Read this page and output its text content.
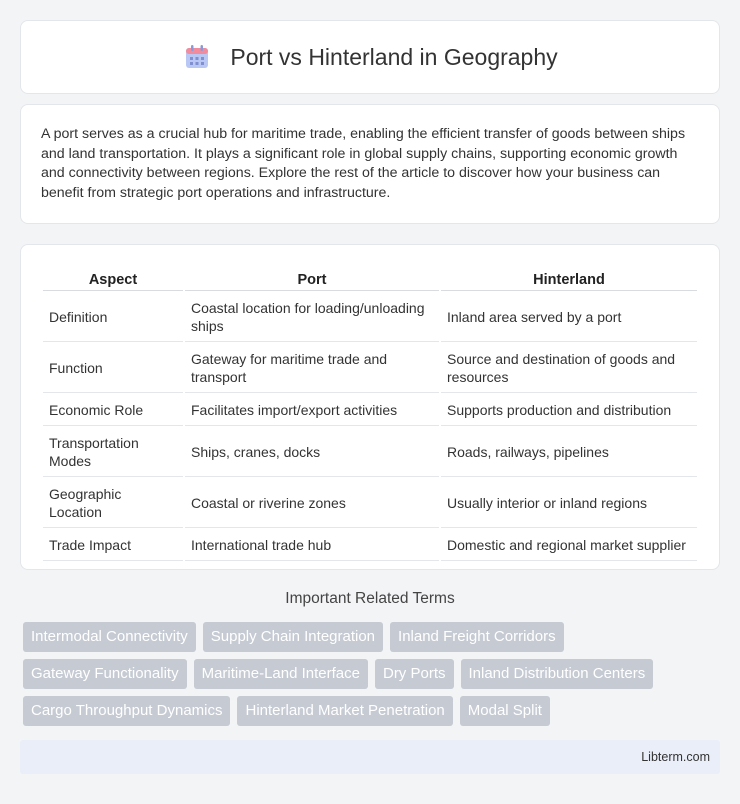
Port vs Hinterland in Geography

A port serves as a crucial hub for maritime trade, enabling the efficient transfer of goods between ships and land transportation. It plays a significant role in global supply chains, supporting economic growth and connectivity between regions. Explore the rest of the article to discover how your business can benefit from strategic port operations and infrastructure.

Aspect	Port	Hinterland
Definition	Coastal location for loading/unloading ships	Inland area served by a port
Function	Gateway for maritime trade and transport	Source and destination of goods and resources
Economic Role	Facilitates import/export activities	Supports production and distribution
Transportation Modes	Ships, cranes, docks	Roads, railways, pipelines
Geographic Location	Coastal or riverine zones	Usually interior or inland regions
Trade Impact	International trade hub	Domestic and regional market supplier
Important Related Terms
Intermodal Connectivity	Supply Chain Integration	Inland Freight Corridors
Gateway Functionality	Maritime-Land Interface	Dry Ports	Inland Distribution Centers
Cargo Throughput Dynamics	Hinterland Market Penetration	Modal Split
Libterm.com
